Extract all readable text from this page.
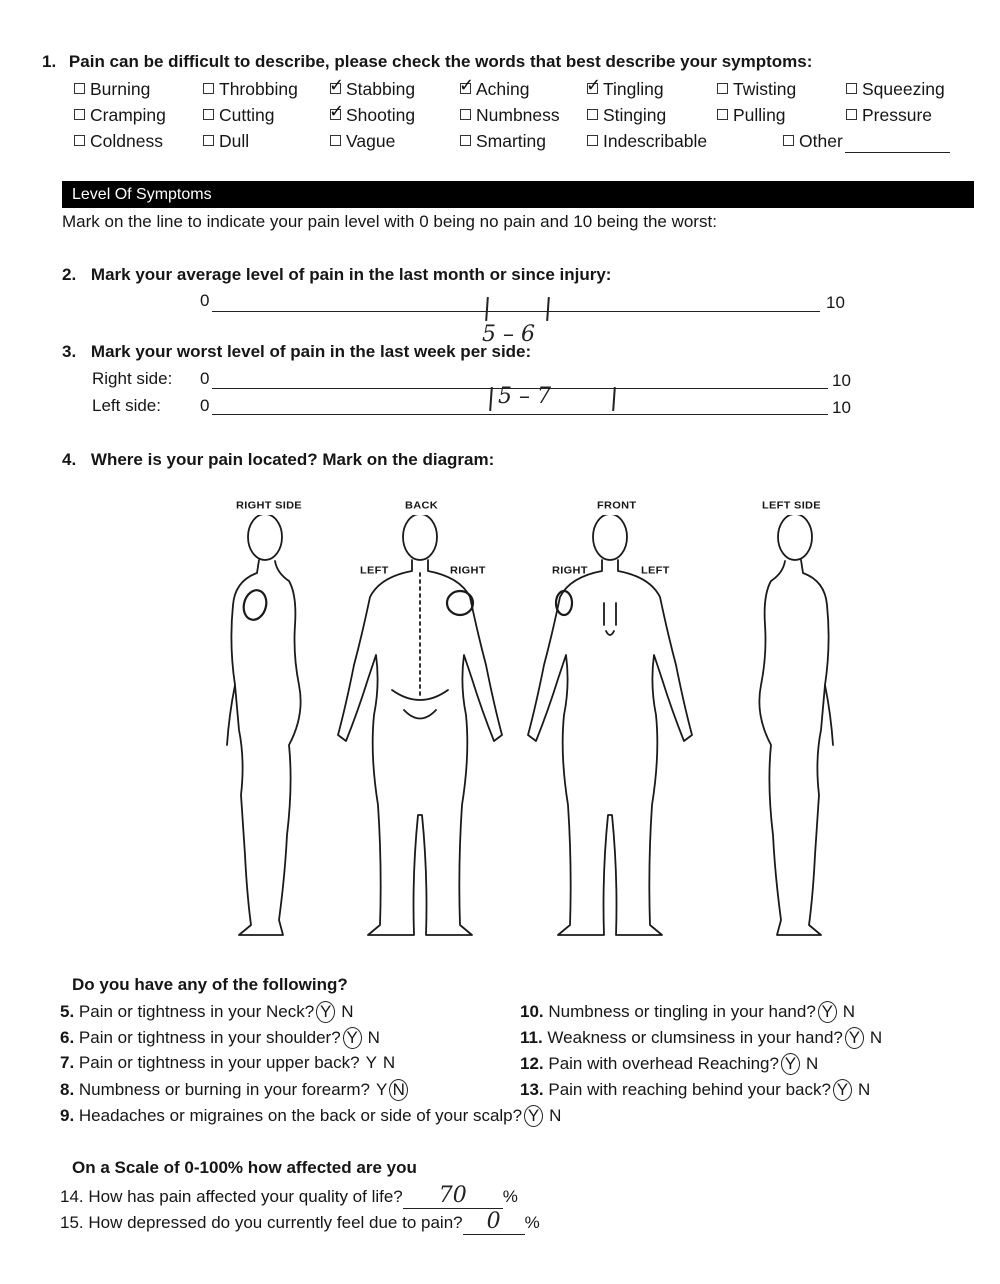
1. Pain can be difficult to describe, please check the words that best describe your symptoms:
Burning	Throbbing ✓ Stabbing ✓ Aching	✓ Tingling	Twisting	Squeezing
Cramping	Cutting	✓ Shooting	Numbness	Stinging	Pulling	Pressure
Coldness	Dull	Vague	Smarting	Indescribable	Other
Level Of Symptoms
Mark on the line to indicate your pain level with 0 being no pain and 10 being the worst:
2. Mark your average level of pain in the last month or since injury:
0	10
5 – 6
3. Mark your worst level of pain in the last week per side:
Right side: 0	10
Left side: 0	10
5 – 7
4. Where is your pain located? Mark on the diagram:
RIGHT SIDE	BACK	FRONT	LEFT SIDE
LEFT	RIGHT	RIGHT	LEFT
Do you have any of the following?
5. Pain or tightness in your Neck? Y N
6. Pain or tightness in your shoulder? Y N
7. Pain or tightness in your upper back? Y N
8. Numbness or burning in your forearm? Y N
9. Headaches or migraines on the back or side of your scalp? Y N
10. Numbness or tingling in your hand? Y N
11. Weakness or clumsiness in your hand? Y N
12. Pain with overhead Reaching? Y N
13. Pain with reaching behind your back? Y N
On a Scale of 0-100% how affected are you
14. How has pain affected your quality of life? 70 %
15. How depressed do you currently feel due to pain? 0 %
